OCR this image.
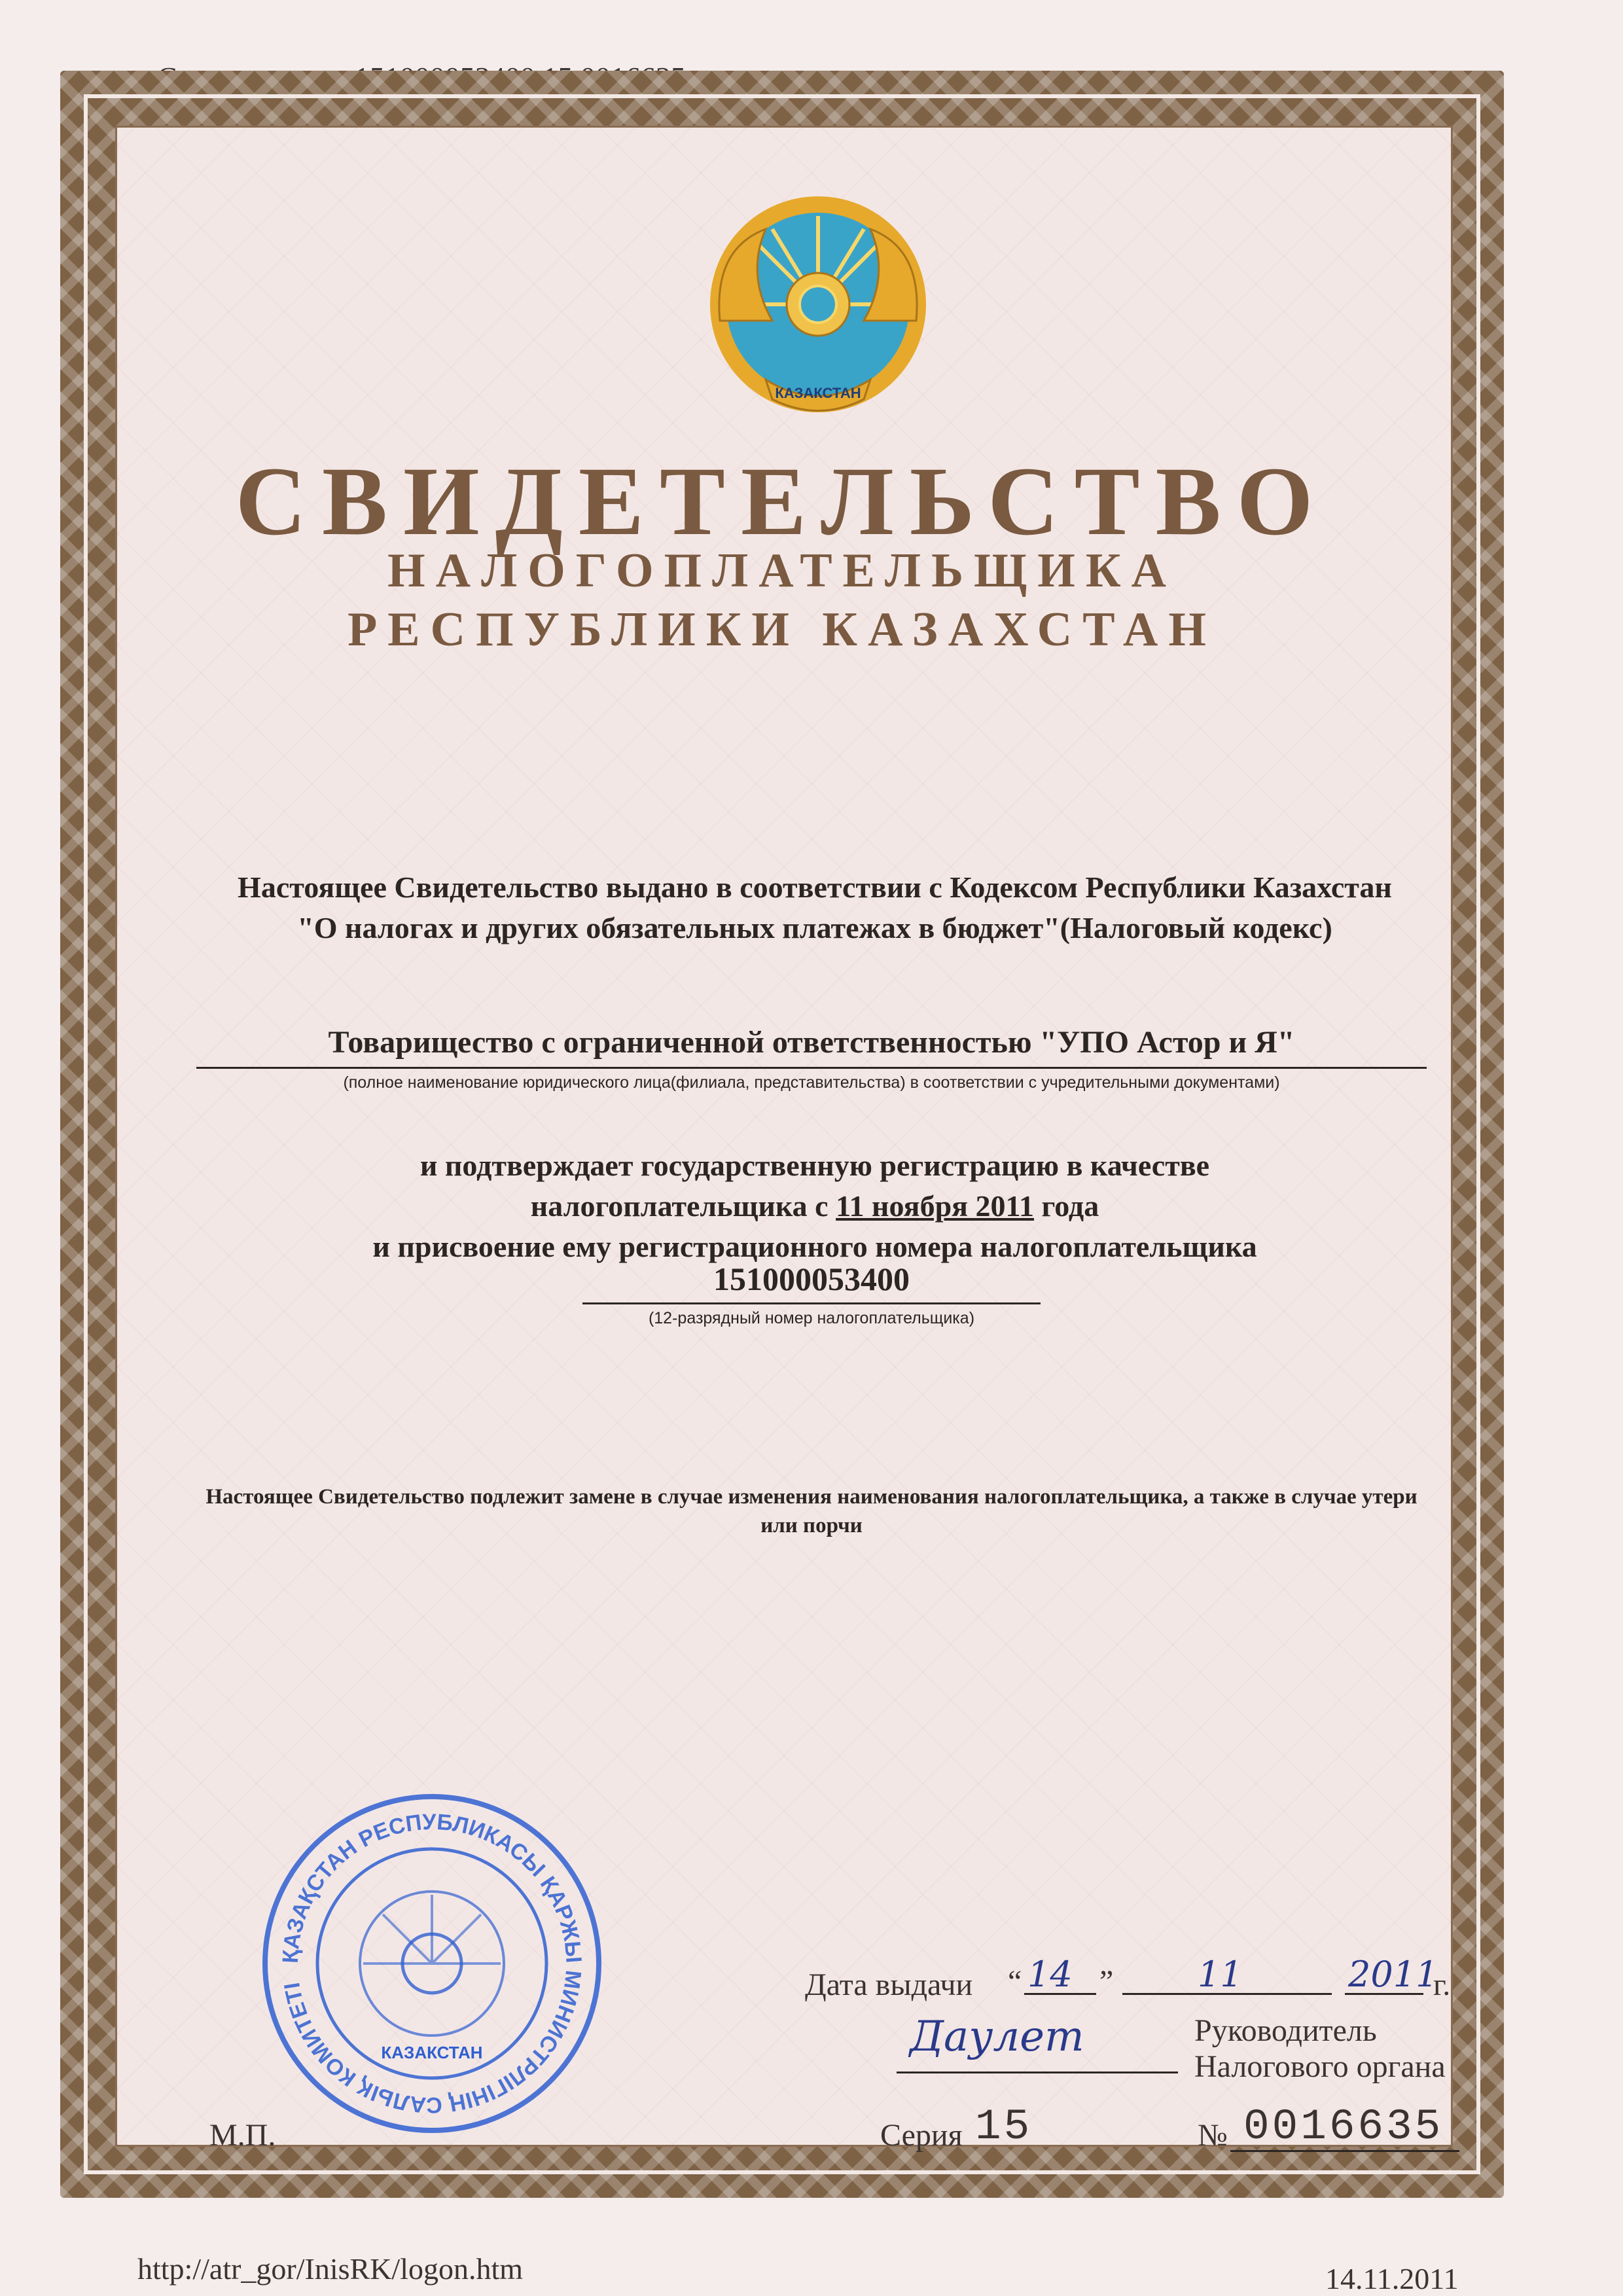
КАЗАКСТАН
СВИДЕТЕЛЬСТВО
НАЛОГОПЛАТЕЛЬЩИКА
РЕСПУБЛИКИ КАЗАХСТАН
Настоящее Свидетельство выдано в соответствии с Кодексом Республики Казахстан "О налогах и других обязательных платежах в бюджет"(Налоговый кодекс)
Товарищество с ограниченной ответственностью "УПО Астор и Я"
(полное наименование юридического лица(филиала, представительства) в соответствии с учредительными документами)
и подтверждает государственную регистрацию в качестве
налогоплательщика с 11 ноября 2011 года
и присвоение ему регистрационного номера налогоплательщика
151000053400
(12-разрядный номер налогоплательщика)
Настоящее Свидетельство подлежит замене в случае изменения наименования налогоплательщика, а также в случае утери или порчи
ҚАЗАҚСТАН РЕСПУБЛИКАСЫ ҚАРЖЫ МИНИСТРЛІГІНІҢ САЛЫҚ КОМИТЕТІ
КАЗАКСТАН
Дата выдачи “ 14 ” 11	2011
г.
Даулет	Руководитель
Налогового органа
М.П.	Серия 15	№ 0016635
http://atr_gor/InisRK/logon.htm	14.11.2011
